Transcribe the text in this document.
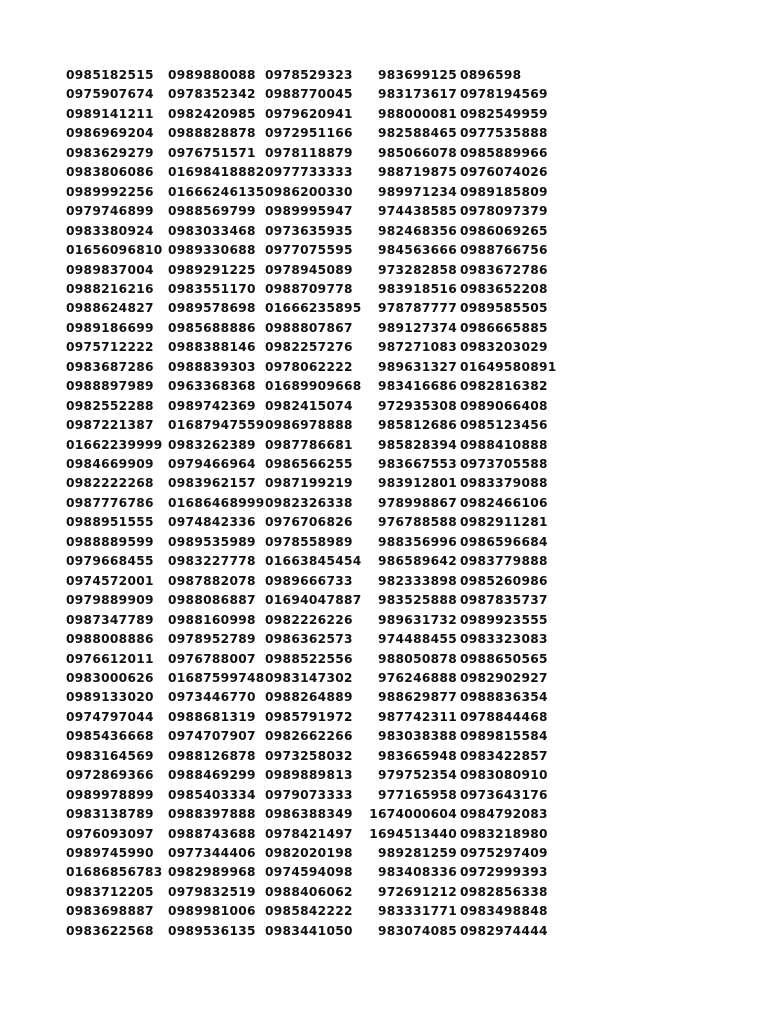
0985182515 0989880088 0978529323 983699125 0896598
0975907674 0978352342 0988770045 983173617 0978194569
0989141211 0982420985 0979620941 988000081 0982549959
0986969204 0988828878 0972951166 982588465 0977535888
0983629279 0976751571 0978118879 985066078 0985889966
0983806086 01698418882 0977733333 988719875 0976074026
0989992256 01666246135 0986200330 989971234 0989185809
0979746899 0988569799 0989995947 974438585 0978097379
0983380924 0983033468 0973635935 982468356 0986069265
01656096810 0989330688 0977075595 984563666 0988766756
0989837004 0989291225 0978945089 973282858 0983672786
0988216216 0983551170 0988709778 983918516 0983652208
0988624827 0989578698 01666235895 978787777 0989585505
0989186699 0985688886 0988807867 989127374 0986665885
0975712222 0988388146 0982257276 987271083 0983203029
0983687286 0988839303 0978062222 989631327 01649580891
0988897989 0963368368 01689909668 983416686 0982816382
0982552288 0989742369 0982415074 972935308 0989066408
0987221387 01687947559 0986978888 985812686 0985123456
01662239999 0983262389 0987786681 985828394 0988410888
0984669909 0979466964 0986566255 983667553 0973705588
0982222268 0983962157 0987199219 983912801 0983379088
0987776786 01686468999 0982326338 978998867 0982466106
0988951555 0974842336 0976706826 976788588 0982911281
0988889599 0989535989 0978558989 988356996 0986596684
0979668455 0983227778 01663845454 986589642 0983779888
0974572001 0987882078 0989666733 982333898 0985260986
0979889909 0988086887 01694047887 983525888 0987835737
0987347789 0988160998 0982226226 989631732 0989923555
0988008886 0978952789 0986362573 974488455 0983323083
0976612011 0976788007 0988522556 988050878 0988650565
0983000626 01687599748 0983147302 976246888 0982902927
0989133020 0973446770 0988264889 988629877 0988836354
0974797044 0988681319 0985791972 987742311 0978844468
0985436668 0974707907 0982662266 983038388 0989815584
0983164569 0988126878 0973258032 983665948 0983422857
0972869366 0988469299 0989889813 979752354 0983080910
0989978899 0985403334 0979073333 977165958 0973643176
0983138789 0988397888 0986388349 1674000604 0984792083
0976093097 0988743688 0978421497 1694513440 0983218980
0989745990 0977344406 0982020198 989281259 0975297409
01686856783 0982989968 0974594098 983408336 0972999393
0983712205 0979832519 0988406062 972691212 0982856338
0983698887 0989981006 0985842222 983331771 0983498848
0983622568 0989536135 0983441050 983074085 0982974444
